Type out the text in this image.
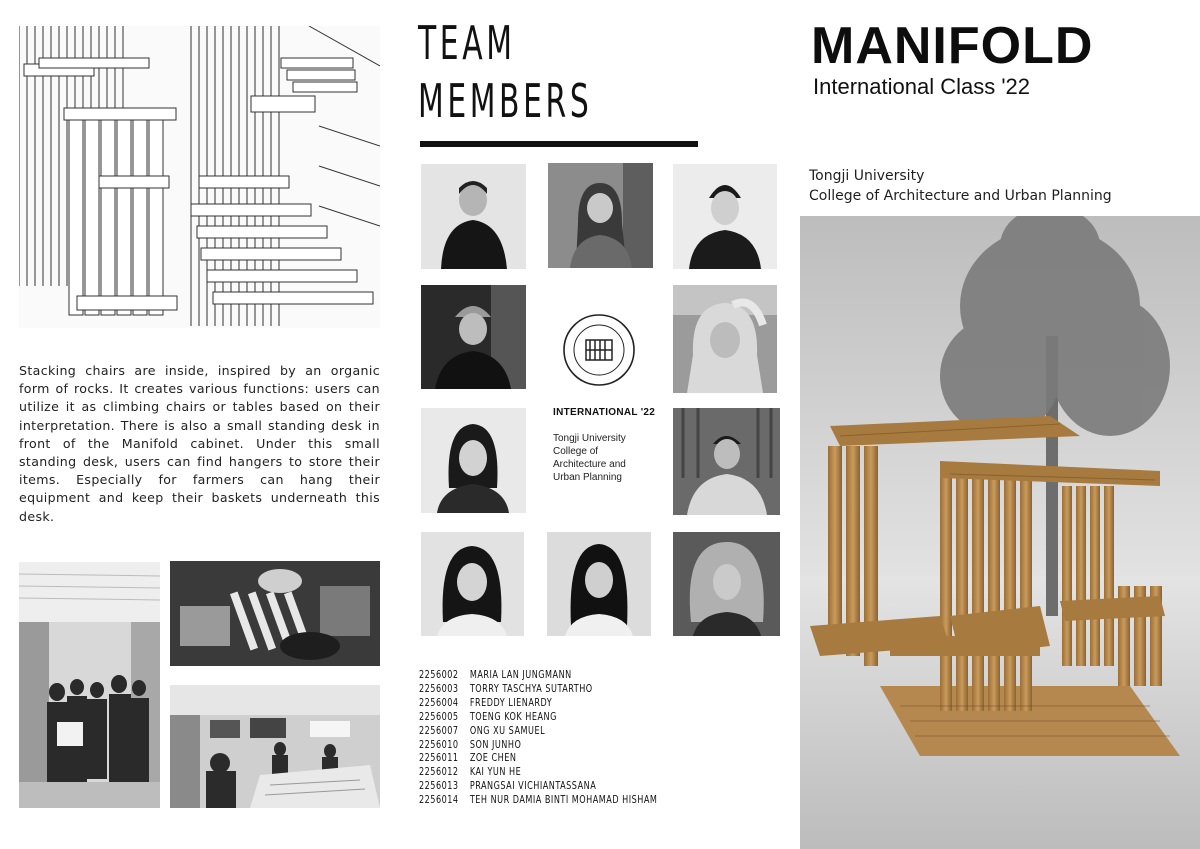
Stacking chairs are inside, inspired by an organic form of rocks. It creates various functions: users can utilize it as climbing chairs or tables based on their interpretation. There is also a small standing desk in front of the Manifold cabinet. Under this small standing desk, users can find hangers to store their items. Especially for farmers can hang their equipment and keep their baskets underneath this desk.
TEAM
MEMBERS
INTERNATIONAL '22
Tongji University
College of
Architecture and
Urban Planning
2256002 MARIA LAN JUNGMANN
2256003 TORRY TASCHYA SUTARTHO
2256004 FREDDY LIENARDY
2256005 TOENG KOK HEANG
2256007 ONG XU SAMUEL
2256010 SON JUNHO
2256011 ZOE CHEN
2256012 KAI YUN HE
2256013 PRANGSAI VICHIANTASSANA
2256014 TEH NUR DAMIA BINTI MOHAMAD HISHAM
MANIFOLD
International Class '22
Tongji University
College of Architecture and Urban Planning
